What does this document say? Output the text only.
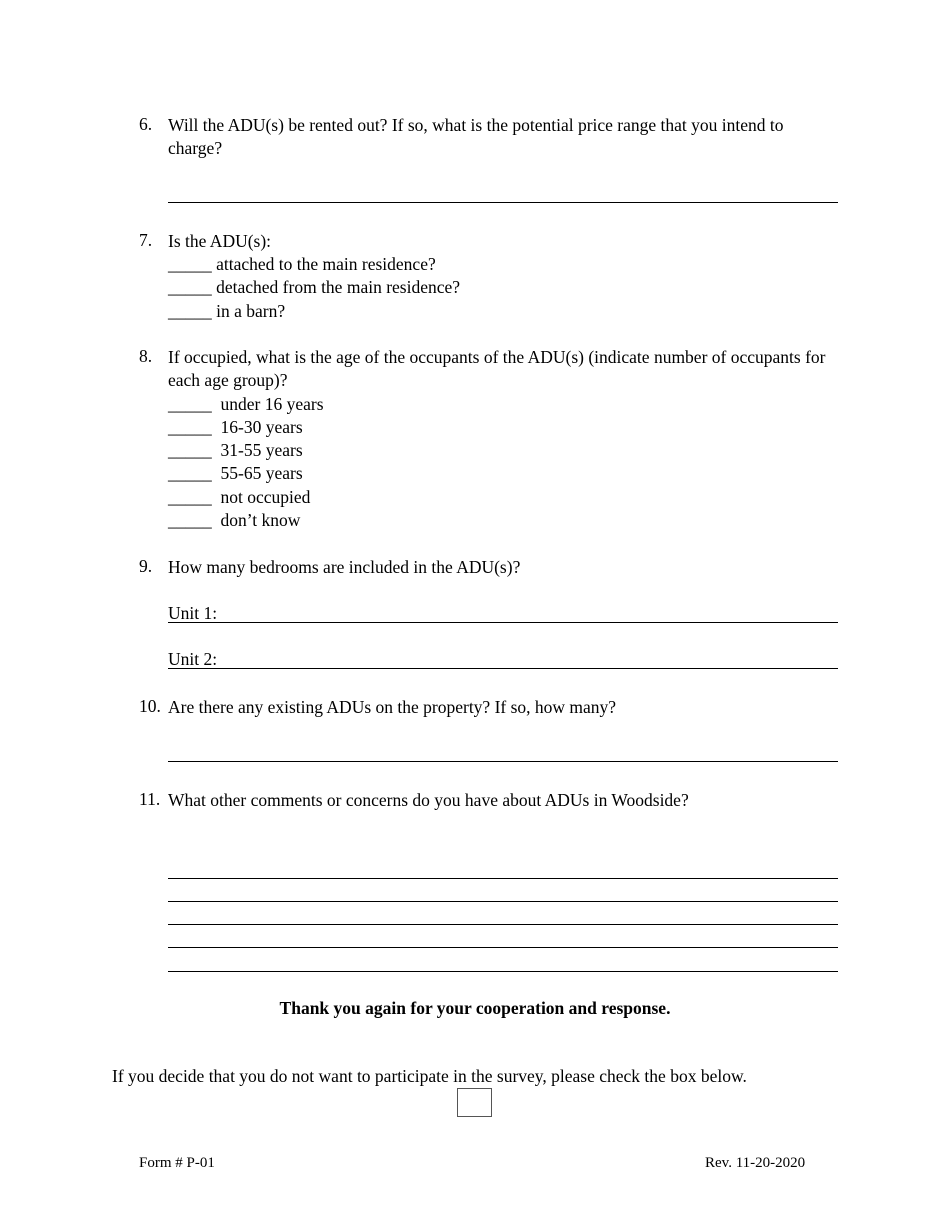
6. Will the ADU(s) be rented out? If so, what is the potential price range that you intend to charge?
7. Is the ADU(s):
_____ attached to the main residence?
_____ detached from the main residence?
_____ in a barn?
8. If occupied, what is the age of the occupants of the ADU(s) (indicate number of occupants for each age group)?
_____  under 16 years
_____  16-30 years
_____  31-55 years
_____  55-65 years
_____  not occupied
_____  don’t know
9. How many bedrooms are included in the ADU(s)?
Unit 1:
Unit 2:
10. Are there any existing ADUs on the property? If so, how many?
11. What other comments or concerns do you have about ADUs in Woodside?
Thank you again for your cooperation and response.
If you decide that you do not want to participate in the survey, please check the box below.
Form # P-01	Rev. 11-20-2020
